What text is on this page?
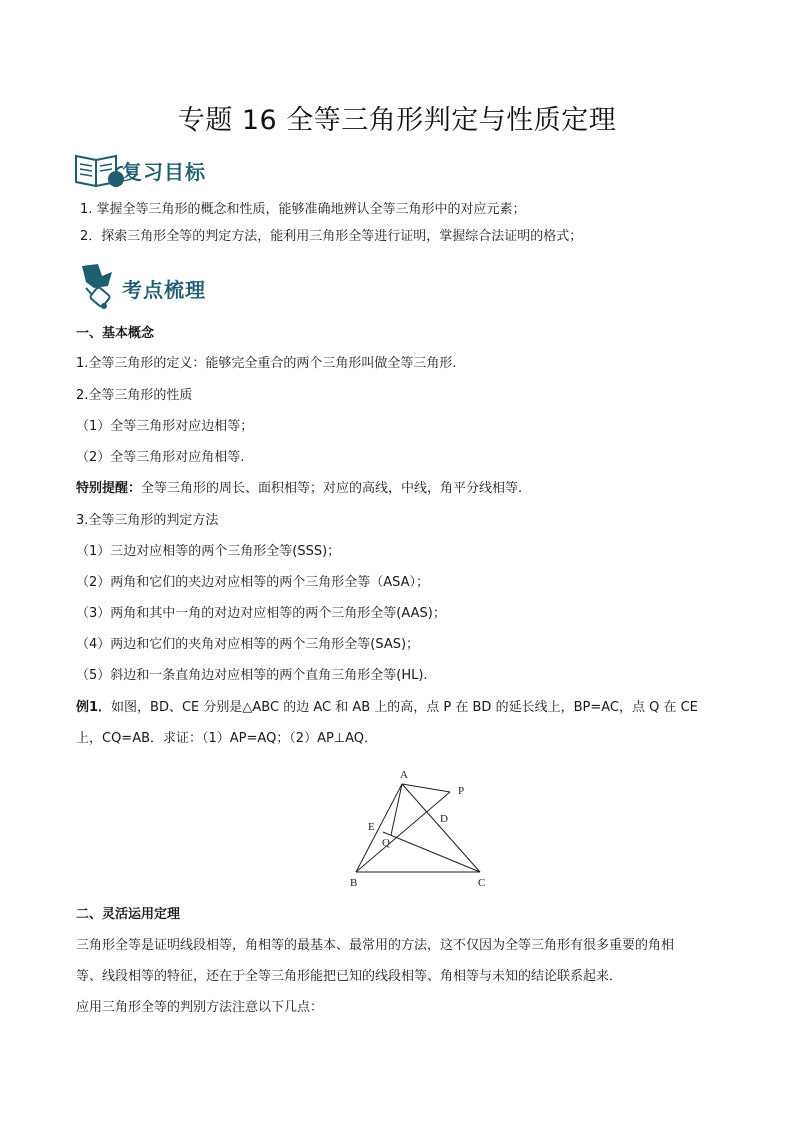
专题 16 全等三角形判定与性质定理
复习目标
1. 掌握全等三角形的概念和性质，能够准确地辨认全等三角形中的对应元素；
2．探索三角形全等的判定方法，能利用三角形全等进行证明，掌握综合法证明的格式；
考点梳理
一、基本概念
1.全等三角形的定义：能够完全重合的两个三角形叫做全等三角形.
2.全等三角形的性质
（1）全等三角形对应边相等；
（2）全等三角形对应角相等.
特别提醒：全等三角形的周长、面积相等；对应的高线，中线，角平分线相等.
3.全等三角形的判定方法
（1）三边对应相等的两个三角形全等(SSS)；
（2）两角和它们的夹边对应相等的两个三角形全等（ASA）；
（3）两角和其中一角的对边对应相等的两个三角形全等(AAS)；
（4）两边和它们的夹角对应相等的两个三角形全等(SAS)；
（5）斜边和一条直角边对应相等的两个直角三角形全等(HL).
例1．如图，BD、CE 分别是△ABC 的边 AC 和 AB 上的高，点 P 在 BD 的延长线上，BP=AC，点 Q 在 CE
上，CQ=AB．求证：（1）AP=AQ；（2）AP⊥AQ．
A
P
D
E
Q
B	C
二、灵活运用定理
三角形全等是证明线段相等，角相等的最基本、最常用的方法，这不仅因为全等三角形有很多重要的角相
等、线段相等的特征，还在于全等三角形能把已知的线段相等、角相等与未知的结论联系起来．
应用三角形全等的判别方法注意以下几点：
